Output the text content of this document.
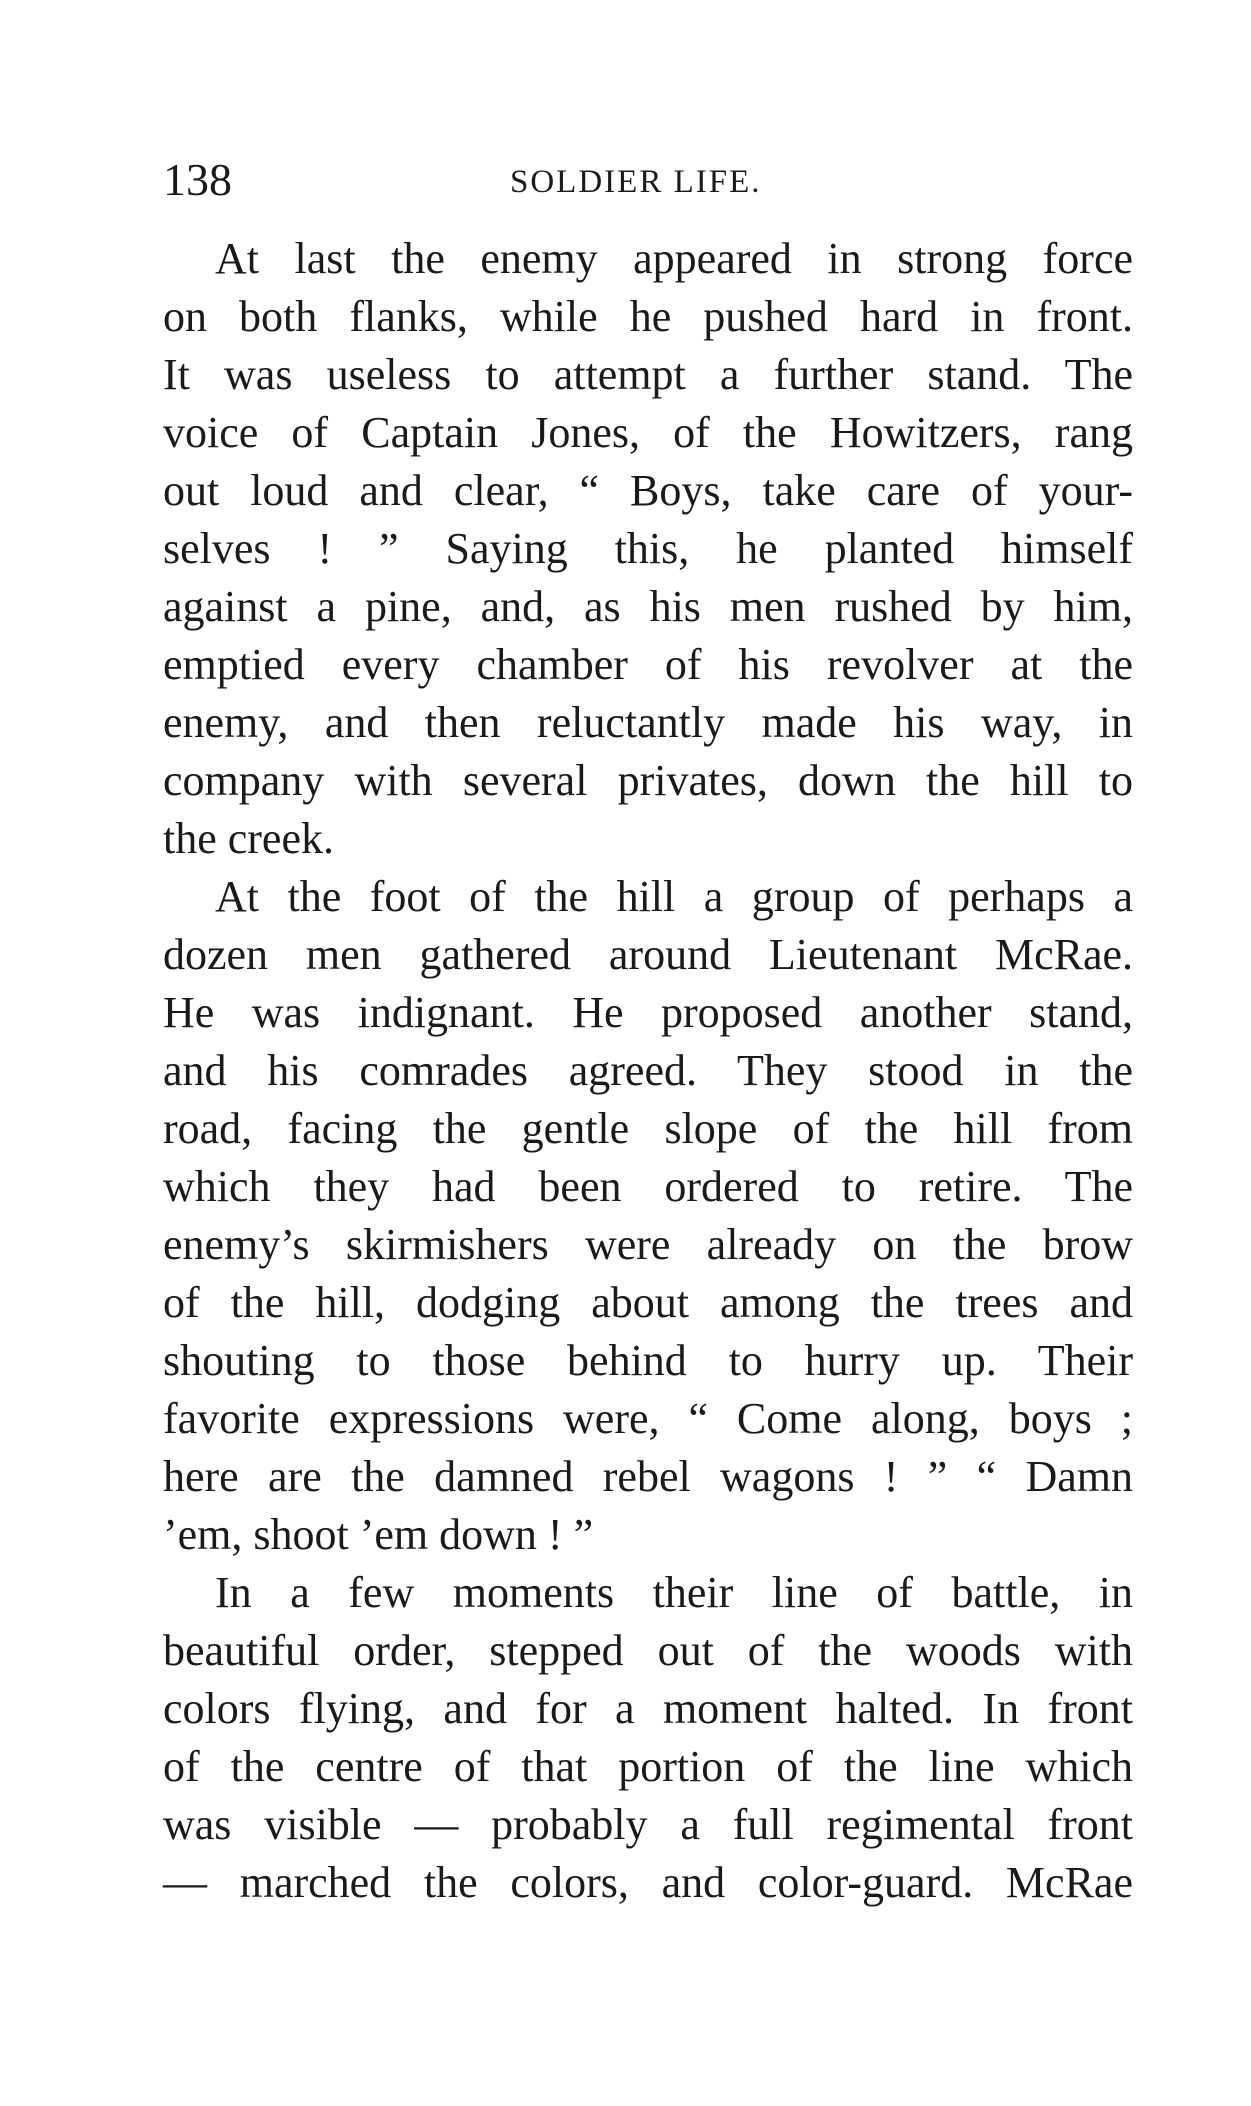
138	SOLDIER LIFE.
At last the enemy appeared in strong force
on both flanks, while he pushed hard in front.
It was useless to attempt a further stand. The
voice of Captain Jones, of the Howitzers, rang
out loud and clear, “ Boys, take care of your-
selves ! ” Saying this, he planted himself
against a pine, and, as his men rushed by him,
emptied every chamber of his revolver at the
enemy, and then reluctantly made his way, in
company with several privates, down the hill to
the creek.
At the foot of the hill a group of perhaps a
dozen men gathered around Lieutenant McRae.
He was indignant. He proposed another stand,
and his comrades agreed. They stood in the
road, facing the gentle slope of the hill from
which they had been ordered to retire. The
enemy’s skirmishers were already on the brow
of the hill, dodging about among the trees and
shouting to those behind to hurry up. Their
favorite expressions were, “ Come along, boys ;
here are the damned rebel wagons ! ” “ Damn
’em, shoot ’em down ! ”
In a few moments their line of battle, in
beautiful order, stepped out of the woods with
colors flying, and for a moment halted. In front
of the centre of that portion of the line which
was visible — probably a full regimental front
— marched the colors, and color-guard. McRae
